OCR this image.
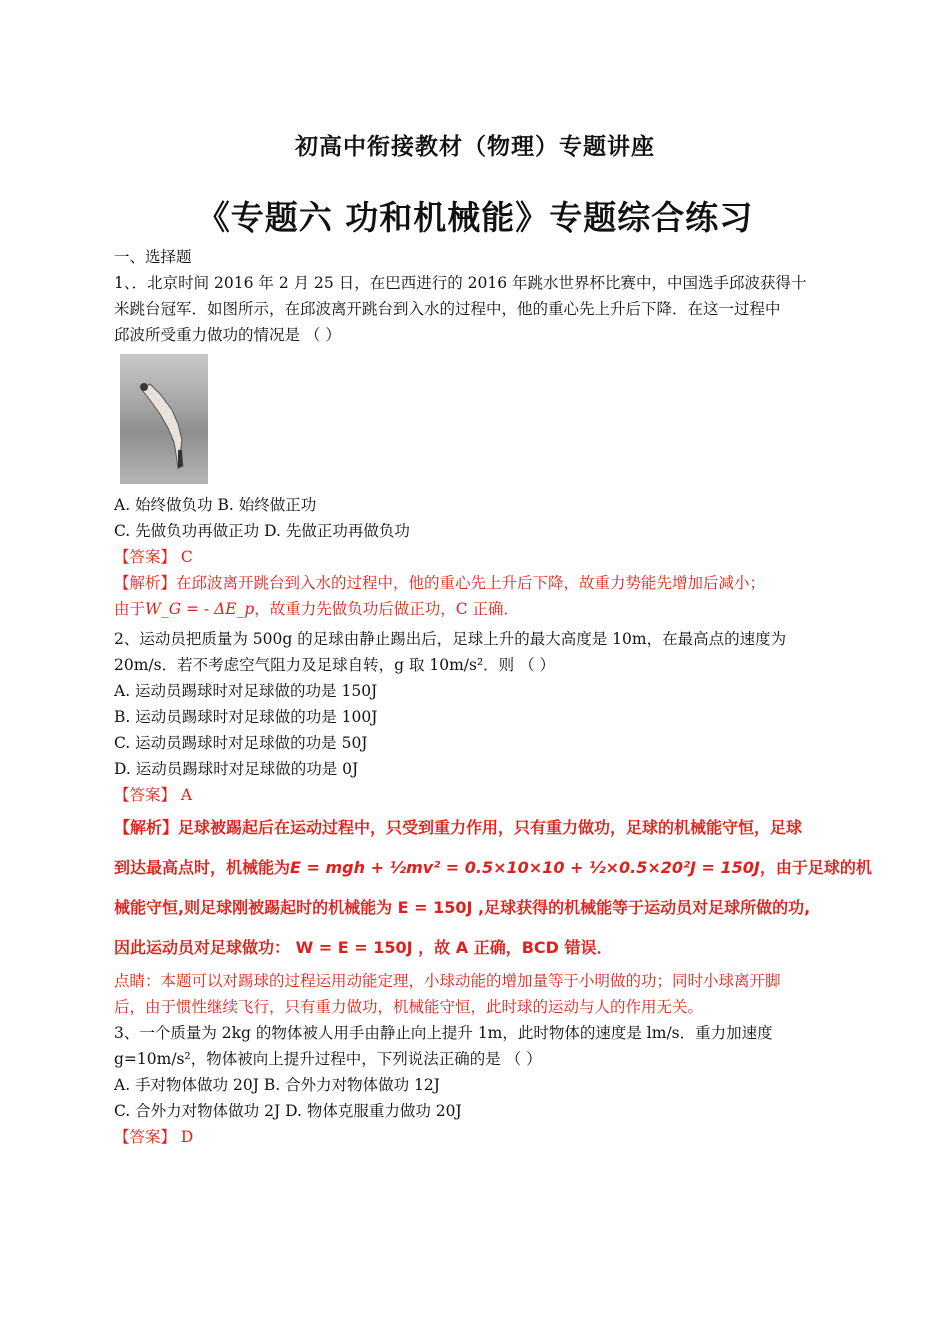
初高中衔接教材（物理）专题讲座
《专题六 功和机械能》专题综合练习
一、选择题
1、．北京时间 2016 年 2 月 25 日，在巴西进行的 2016 年跳水世界杯比赛中，中国选手邱波获得十
米跳台冠军．如图所示，在邱波离开跳台到入水的过程中，他的重心先上升后下降．在这一过程中
邱波所受重力做功的情况是 （ ）
A. 始终做负功 B. 始终做正功
C. 先做负功再做正功 D. 先做正功再做负功
【答案】 C
【解析】在邱波离开跳台到入水的过程中，他的重心先上升后下降，故重力势能先增加后减小；
由于W_G = - ΔE_p，故重力先做负功后做正功，C 正确．
2、运动员把质量为 500g 的足球由静止踢出后，足球上升的最大高度是 10m，在最高点的速度为
20m/s．若不考虑空气阻力及足球自转，g 取 10m/s²．则 （ ）
A. 运动员踢球时对足球做的功是 150J
B. 运动员踢球时对足球做的功是 100J
C. 运动员踢球时对足球做的功是 50J
D. 运动员踢球时对足球做的功是 0J
【答案】 A
【解析】足球被踢起后在运动过程中，只受到重力作用，只有重力做功，足球的机械能守恒，足球
到达最高点时，机械能为E = mgh + ½mv² = 0.5×10×10 + ½×0.5×20²J = 150J，由于足球的机
械能守恒,则足球刚被踢起时的机械能为 E = 150J ,足球获得的机械能等于运动员对足球所做的功,
因此运动员对足球做功： W = E = 150J ，故 A 正确，BCD 错误．
点睛：本题可以对踢球的过程运用动能定理，小球动能的增加量等于小明做的功；同时小球离开脚
后，由于惯性继续飞行，只有重力做功，机械能守恒，此时球的运动与人的作用无关。
3、一个质量为 2kg 的物体被人用手由静止向上提升 1m，此时物体的速度是 lm/s．重力加速度
g=10m/s²，物体被向上提升过程中，下列说法正确的是 （ ）
A. 手对物体做功 20J B. 合外力对物体做功 12J
C. 合外力对物体做功 2J D. 物体克服重力做功 20J
【答案】 D
